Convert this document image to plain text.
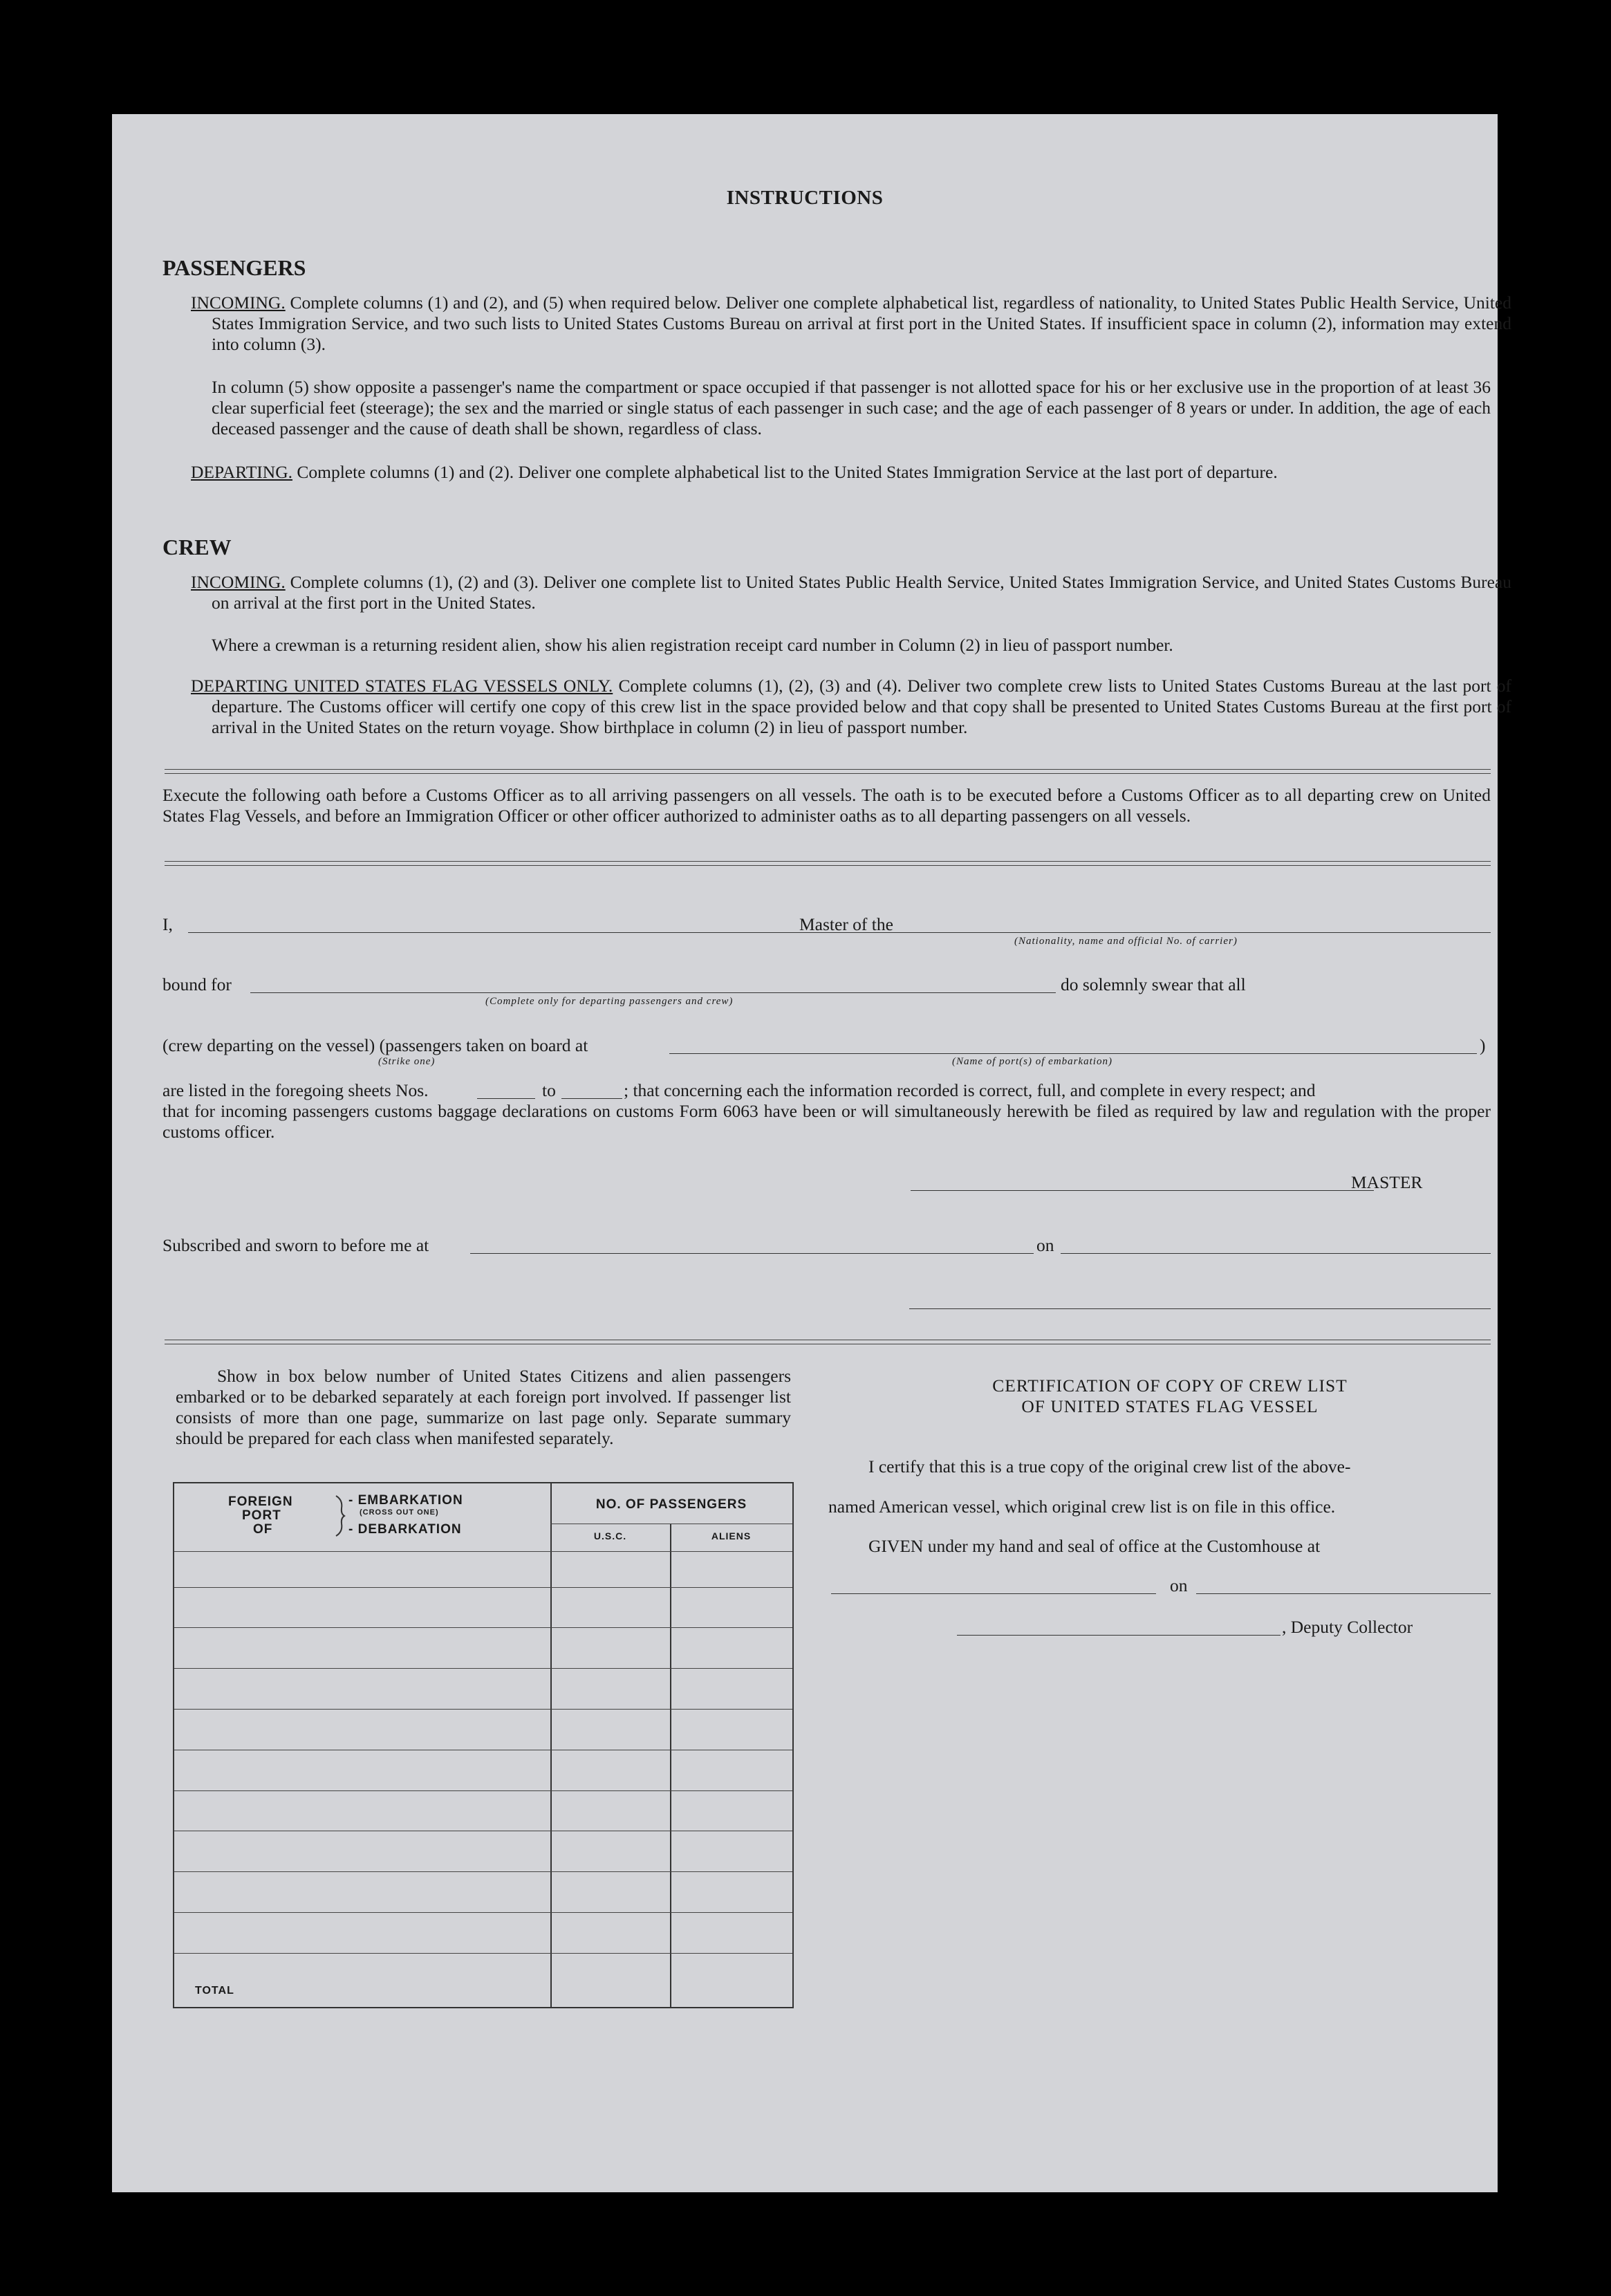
INSTRUCTIONS
PASSENGERS
INCOMING. Complete columns (1) and (2), and (5) when required below. Deliver one complete alphabetical list, regardless of nationality, to United States Public Health Service, United States Immigration Service, and two such lists to United States Customs Bureau on arrival at first port in the United States. If insufficient space in column (2), information may extend into column (3).
In column (5) show opposite a passenger's name the compartment or space occupied if that passenger is not allotted space for his or her exclusive use in the proportion of at least 36 clear superficial feet (steerage); the sex and the married or single status of each passenger in such case; and the age of each passenger of 8 years or under. In addition, the age of each deceased passenger and the cause of death shall be shown, regardless of class.
DEPARTING. Complete columns (1) and (2). Deliver one complete alphabetical list to the United States Immigration Service at the last port of departure.
CREW
INCOMING. Complete columns (1), (2) and (3). Deliver one complete list to United States Public Health Service, United States Immigration Service, and United States Customs Bureau on arrival at the first port in the United States.
Where a crewman is a returning resident alien, show his alien registration receipt card number in Column (2) in lieu of passport number.
DEPARTING UNITED STATES FLAG VESSELS ONLY. Complete columns (1), (2), (3) and (4). Deliver two complete crew lists to United States Customs Bureau at the last port of departure. The Customs officer will certify one copy of this crew list in the space provided below and that copy shall be presented to United States Customs Bureau at the first port of arrival in the United States on the return voyage. Show birthplace in column (2) in lieu of passport number.
Execute the following oath before a Customs Officer as to all arriving passengers on all vessels. The oath is to be executed before a Customs Officer as to all departing crew on United States Flag Vessels, and before an Immigration Officer or other officer authorized to administer oaths as to all departing passengers on all vessels.
I,	Master of the
(Nationality, name and official No. of carrier)
bound for	do solemnly swear that all
(Complete only for departing passengers and crew)
(crew departing on the vessel) (passengers taken on board at	)
(Strike one)	(Name of port(s) of embarkation)
are listed in the foregoing sheets Nos.	to	; that concerning each the information recorded is correct, full, and complete in every respect; and
that for incoming passengers customs baggage declarations on customs Form 6063 have been or will simultaneously herewith be filed as required by law and regulation with the proper customs officer.
MASTER
Subscribed and sworn to before me at	on
Show in box below number of United States Citizens and alien passengers embarked or to be debarked separately at each foreign port involved. If passenger list consists of more than one page, summarize on last page only. Separate summary should be prepared for each class when manifested separately.
FOREIGN
PORT
OF
- EMBARKATION
(CROSS OUT ONE)
- DEBARKATION
NO. OF PASSENGERS
U.S.C.	ALIENS
TOTAL
CERTIFICATION OF COPY OF CREW LIST
OF UNITED STATES FLAG VESSEL
I certify that this is a true copy of the original crew list of the above-
named American vessel, which original crew list is on file in this office.
GIVEN under my hand and seal of office at the Customhouse at
on
, Deputy Collector
